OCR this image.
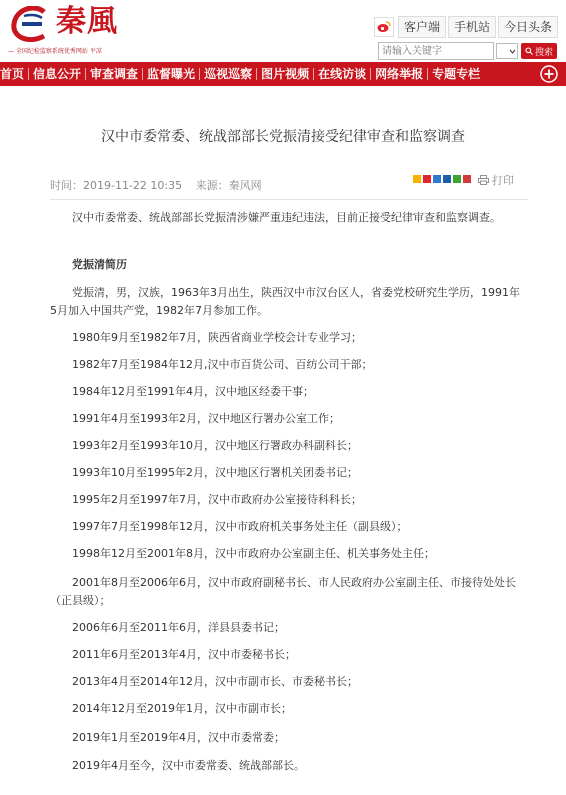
秦風
— 全国纪检监察系统优秀网站 平凉
客户端	手机站	今日头条
请输入关键字
搜索
首页 信息公开 审查调查 监督曝光 巡视巡察 图片视频 在线访谈 网络举报 专题专栏
汉中市委常委、统战部部长党振清接受纪律审查和监察调查
时间：2019-11-22 10:35 来源：秦风网	打印
汉中市委常委、统战部部长党振清涉嫌严重违纪违法，目前正接受纪律审查和监察调查。
党振清简历
党振清，男，汉族，1963年3月出生，陕西汉中市汉台区人，省委党校研究生学历，1991年5月加入中国共产党，1982年7月参加工作。
1980年9月至1982年7月，陕西省商业学校会计专业学习；
1982年7月至1984年12月,汉中市百货公司、百纺公司干部；
1984年12月至1991年4月，汉中地区经委干事；
1991年4月至1993年2月，汉中地区行署办公室工作；
1993年2月至1993年10月，汉中地区行署政办科副科长；
1993年10月至1995年2月，汉中地区行署机关团委书记；
1995年2月至1997年7月，汉中市政府办公室接待科科长；
1997年7月至1998年12月，汉中市政府机关事务处主任（副县级）；
1998年12月至2001年8月，汉中市政府办公室副主任、机关事务处主任；
2001年8月至2006年6月，汉中市政府副秘书长、市人民政府办公室副主任、市接待处处长（正县级）；
2006年6月至2011年6月，洋县县委书记；
2011年6月至2013年4月，汉中市委秘书长；
2013年4月至2014年12月，汉中市副市长、市委秘书长；
2014年12月至2019年1月，汉中市副市长；
2019年1月至2019年4月，汉中市委常委；
2019年4月至今，汉中市委常委、统战部部长。
